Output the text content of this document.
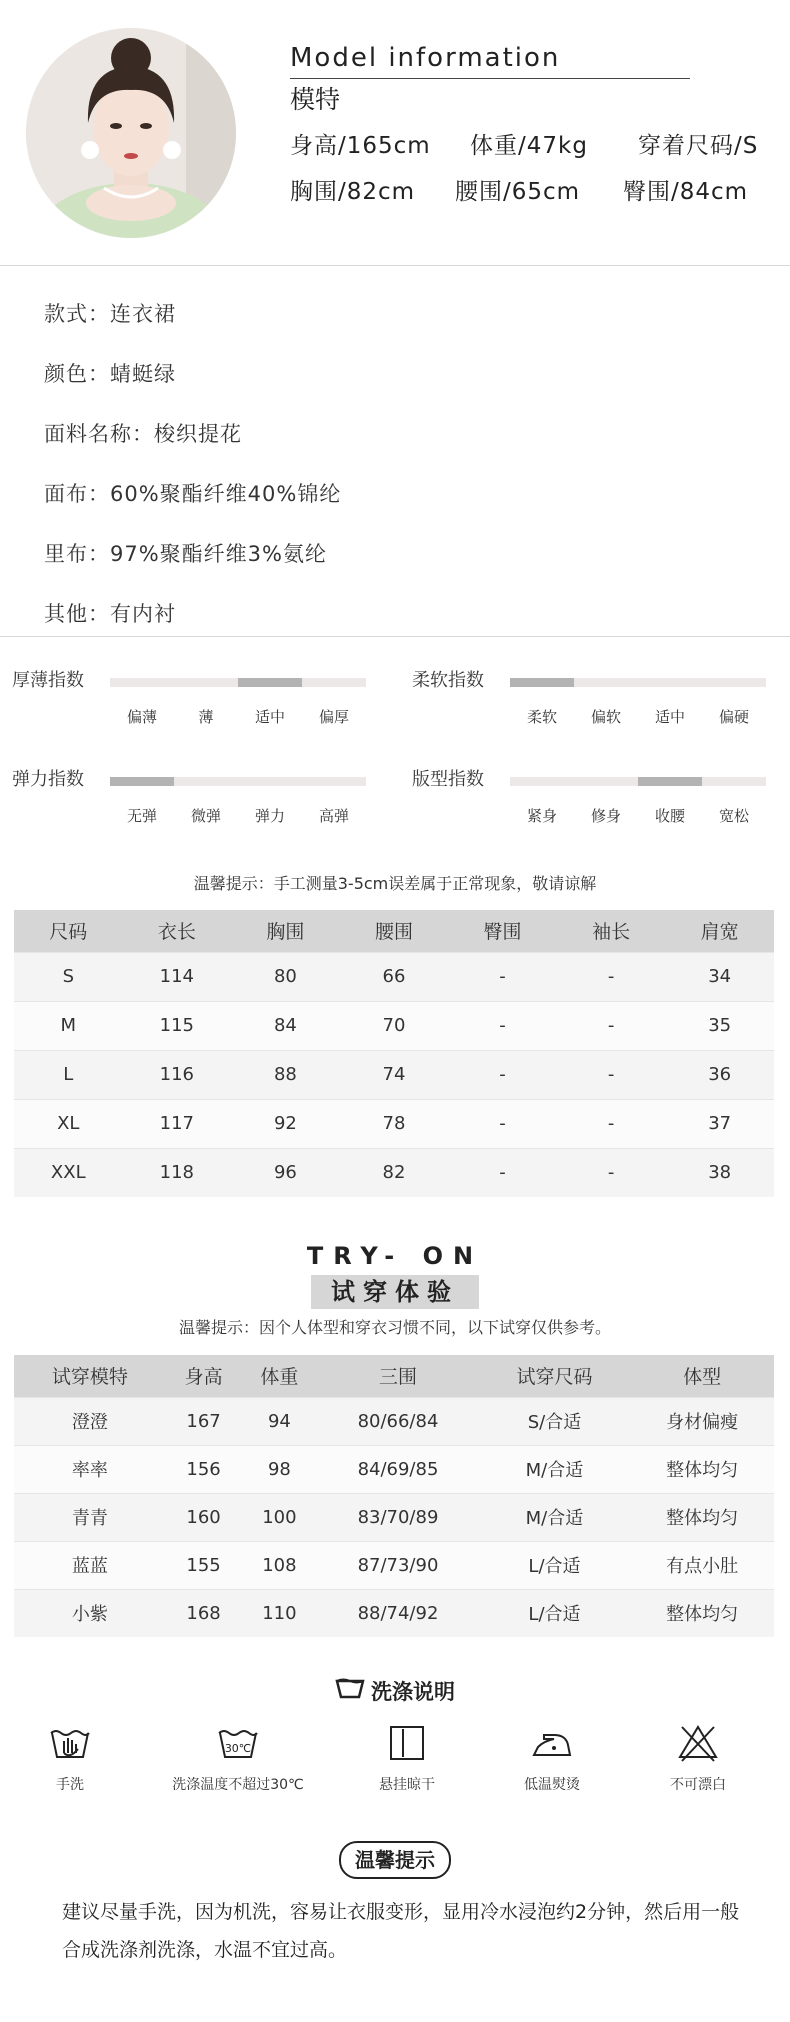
Model information
模特
身高/165cm	体重/47kg	穿着尺码/S
胸围/82cm	腰围/65cm	臀围/84cm
款式：连衣裙
颜色：蜻蜓绿
面料名称：梭织提花
面布：60%聚酯纤维40%锦纶
里布：97%聚酯纤维3%氨纶
其他：有内衬
厚薄指数
偏薄	薄	适中 偏厚
柔软指数
柔软 偏软 适中 偏硬
弹力指数
无弹 微弹 弹力 高弹
版型指数
紧身 修身 收腰 宽松
温馨提示：手工测量3-5cm误差属于正常现象，敬请谅解
尺码	衣长	胸围	腰围	臀围	袖长	肩宽
S	114	80	66	-	-	34
M	115	84	70	-	-	35
L	116	88	74	-	-	36
XL	117	92	78	-	-	37
XXL	118	96	82	-	-	38
TRY- ON
试穿体验
温馨提示：因个人体型和穿衣习惯不同，以下试穿仅供参考。
试穿模特	身高	体重	三围	试穿尺码	体型
澄澄	167	94	80/66/84	S/合适	身材偏瘦
率率	156	98	84/69/85	M/合适	整体均匀
青青	160	100	83/70/89	M/合适	整体均匀
蓝蓝	155	108	87/73/90	L/合适	有点小肚
小紫	168	110	88/74/92	L/合适	整体均匀
洗涤说明
手洗
30℃
洗涤温度不超过30℃	悬挂晾干	低温熨烫	不可漂白
温馨提示
建议尽量手洗，因为机洗，容易让衣服变形，显用冷水浸泡约2分钟，然后用一般合成洗涤剂洗涤，水温不宜过高。
